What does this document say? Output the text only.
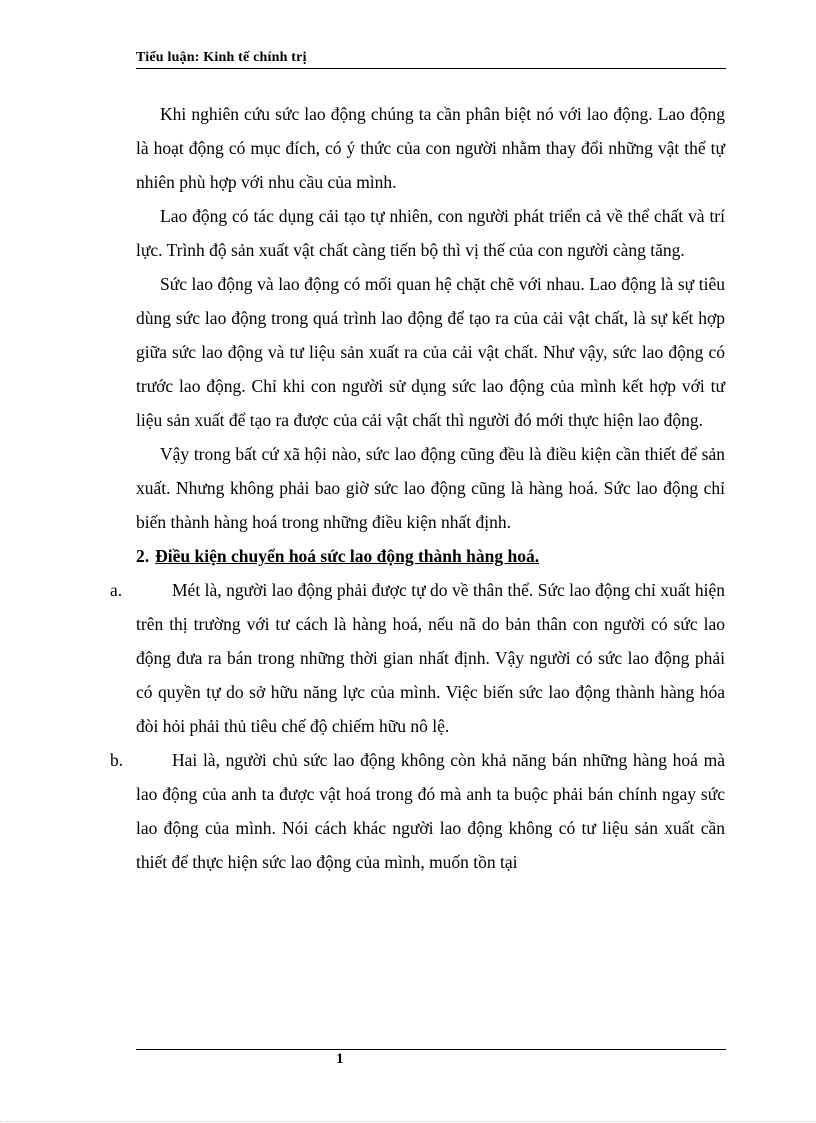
Tiểu luận: Kinh tế chính trị

Khi nghiên cứu sức lao động chúng ta cần phân biệt nó với lao động. Lao động là hoạt động có mục đích, có ý thức của con người nhằm thay đổi những vật thể tự nhiên phù hợp với nhu cầu của mình.

Lao động có tác dụng cải tạo tự nhiên, con người phát triển cả về thể chất và trí lực. Trình độ sản xuất vật chất càng tiến bộ thì vị thế của con người càng tăng.

Sức lao động và lao động có mối quan hệ chặt chẽ với nhau. Lao động là sự tiêu dùng sức lao động trong quá trình lao động để tạo ra của cải vật chất, là sự kết hợp giữa sức lao động và tư liệu sản xuất ra của cải vật chất. Như vậy, sức lao động có trước lao động. Chỉ khi con người sử dụng sức lao động của mình kết hợp với tư liệu sản xuất để tạo ra được của cải vật chất thì người đó mới thực hiện lao động.

Vậy trong bất cứ xã hội nào, sức lao động cũng đều là điều kiện cần thiết để sản xuất. Nhưng không phải bao giờ sức lao động cũng là hàng hoá. Sức lao động chỉ biến thành hàng hoá trong những điều kiện nhất định.

2. Điều kiện chuyển hoá sức lao động thành hàng hoá.

a.	Mét là, người lao động phải được tự do về thân thể. Sức lao động chỉ xuất hiện trên thị trường với tư cách là hàng hoá, nếu nã do bản thân con người có sức lao động đưa ra bán trong những thời gian nhất định. Vậy người có sức lao động phải có quyền tự do sở hữu năng lực của mình. Việc biến sức lao động thành hàng hóa đòi hỏi phải thủ tiêu chế độ chiếm hữu nô lệ.

b.	Hai là, người chủ sức lao động không còn khả năng bán những hàng hoá mà lao động của anh ta được vật hoá trong đó mà anh ta buộc phải bán chính ngay sức lao động của mình. Nói cách khác người lao động không có tư liệu sản xuất cần thiết để thực hiện sức lao động của mình, muốn tồn tại

1
